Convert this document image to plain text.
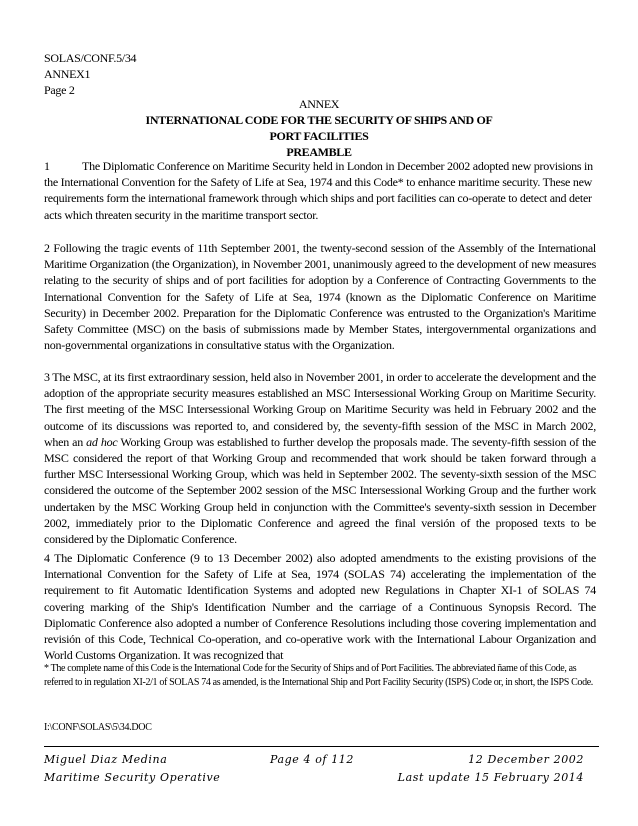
SOLAS/CONF.5/34
ANNEX1
Page 2
ANNEX
INTERNATIONAL CODE FOR THE SECURITY OF SHIPS AND OF
PORT FACILITIES
PREAMBLE

1	The Diplomatic Conference on Maritime Security held in London in December 2002 adopted new provisions in the International Convention for the Safety of Life at Sea, 1974 and this Code* to enhance maritime security. These new requirements form the international framework through which ships and port facilities can co-operate to detect and deter acts which threaten security in the maritime transport sector.

2 Following the tragic events of 11th September 2001, the twenty-second session of the Assembly of the International Maritime Organization (the Organization), in November 2001, unanimously agreed to the development of new measures relating to the security of ships and of port facilities for adoption by a Conference of Contracting Governments to the International Convention for the Safety of Life at Sea, 1974 (known as the Diplomatic Conference on Maritime Security) in December 2002. Preparation for the Diplomatic Conference was entrusted to the Organization's Maritime Safety Committee (MSC) on the basis of submissions made by Member States, intergovernmental organizations and non-governmental organizations in consultative status with the Organization.

3 The MSC, at its first extraordinary session, held also in November 2001, in order to accelerate the development and the adoption of the appropriate security measures established an MSC Intersessional Working Group on Maritime Security. The first meeting of the MSC Intersessional Working Group on Maritime Security was held in February 2002 and the outcome of its discussions was reported to, and considered by, the seventy-fifth session of the MSC in March 2002, when an ad hoc Working Group was established to further develop the proposals made. The seventy-fifth session of the MSC considered the report of that Working Group and recommended that work should be taken forward through a further MSC Intersessional Working Group, which was held in September 2002. The seventy-sixth session of the MSC considered the outcome of the September 2002 session of the MSC Intersessional Working Group and the further work undertaken by the MSC Working Group held in conjunction with the Committee's seventy-sixth session in December 2002, immediately prior to the Diplomatic Conference and agreed the final versión of the proposed texts to be considered by the Diplomatic Conference.

4 The Diplomatic Conference (9 to 13 December 2002) also adopted amendments to the existing provisions of the International Convention for the Safety of Life at Sea, 1974 (SOLAS 74) accelerating the implementation of the requirement to fit Automatic Identification Systems and adopted new Regulations in Chapter XI-1 of SOLAS 74 covering marking of the Ship's Identification Number and the carriage of a Continuous Synopsis Record. The Diplomatic Conference also adopted a number of Conference Resolutions including those covering implementation and revisión of this Code, Technical Co-operation, and co-operative work with the International Labour Organization and World Customs Organization. It was recognized that

* The complete name of this Code is the International Code for the Security of Ships and of Port Facilities. The abbreviated ñame of this Code, as referred to in regulation XI-2/1 of SOLAS 74 as amended, is the International Ship and Port Facility Security (ISPS) Code or, in short, the ISPS Code.

I:\CONF\SOLAS\5\34.DOC
Miguel Diaz Medina	Page 4 of 112	12 December 2002
Maritime Security Operative	Last update 15 February 2014
